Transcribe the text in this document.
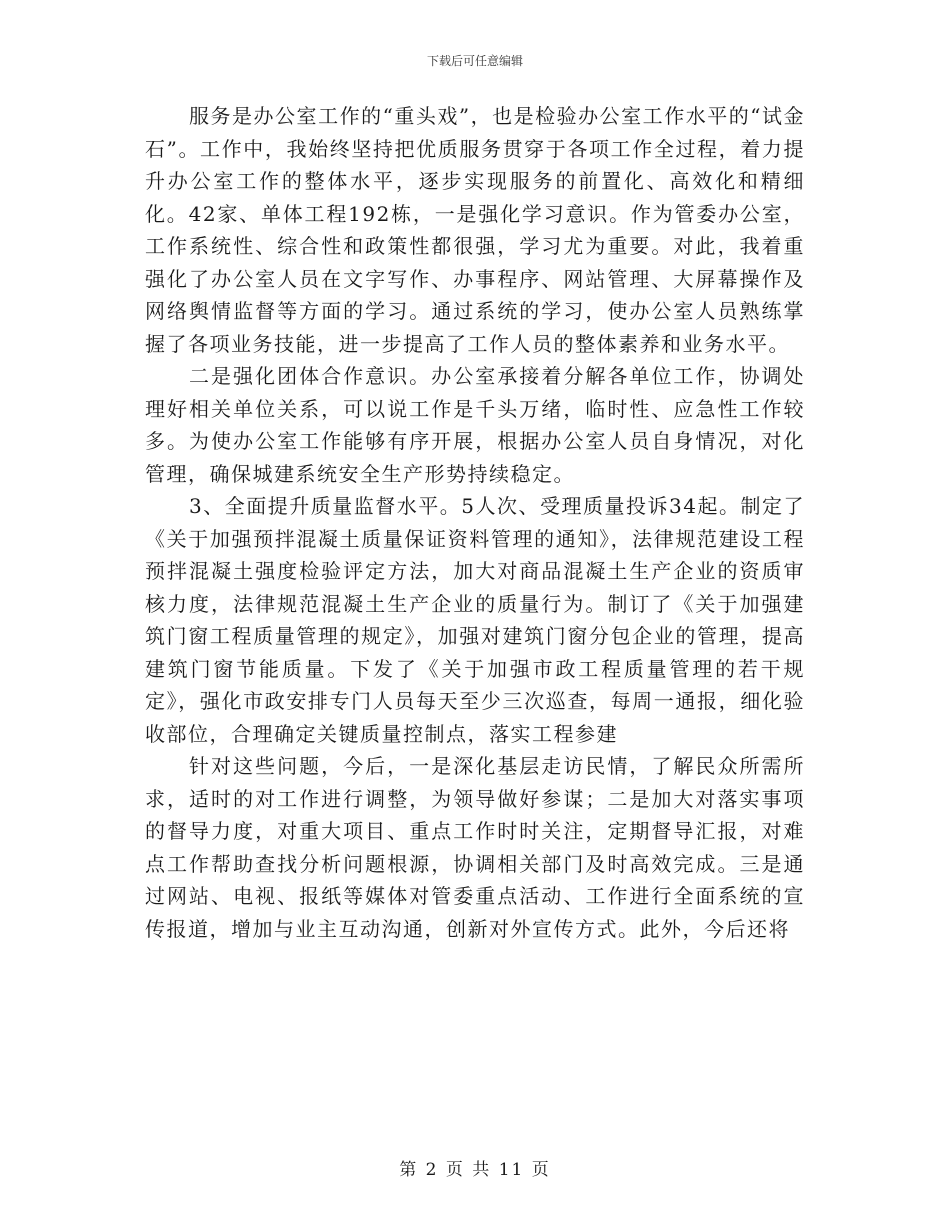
下载后可任意编辑

服务是办公室工作的“重头戏”，也是检验办公室工作水平的“试金石”。工作中，我始终坚持把优质服务贯穿于各项工作全过程，着力提升办公室工作的整体水平，逐步实现服务的前置化、高效化和精细化。42家、单体工程192栋，一是强化学习意识。作为管委办公室，工作系统性、综合性和政策性都很强，学习尤为重要。对此，我着重强化了办公室人员在文字写作、办事程序、网站管理、大屏幕操作及网络舆情监督等方面的学习。通过系统的学习，使办公室人员熟练掌握了各项业务技能，进一步提高了工作人员的整体素养和业务水平。

二是强化团体合作意识。办公室承接着分解各单位工作，协调处理好相关单位关系，可以说工作是千头万绪，临时性、应急性工作较多。为使办公室工作能够有序开展，根据办公室人员自身情况，对化管理，确保城建系统安全生产形势持续稳定。

3、全面提升质量监督水平。5人次、受理质量投诉34起。制定了《关于加强预拌混凝土质量保证资料管理的通知》，法律规范建设工程预拌混凝土强度检验评定方法，加大对商品混凝土生产企业的资质审核力度，法律规范混凝土生产企业的质量行为。制订了《关于加强建筑门窗工程质量管理的规定》，加强对建筑门窗分包企业的管理，提高建筑门窗节能质量。下发了《关于加强市政工程质量管理的若干规定》，强化市政安排专门人员每天至少三次巡查，每周一通报，细化验收部位，合理确定关键质量控制点，落实工程参建

针对这些问题，今后，一是深化基层走访民情，了解民众所需所求，适时的对工作进行调整，为领导做好参谋；二是加大对落实事项的督导力度，对重大项目、重点工作时时关注，定期督导汇报，对难点工作帮助查找分析问题根源，协调相关部门及时高效完成。三是通过网站、电视、报纸等媒体对管委重点活动、工作进行全面系统的宣传报道，增加与业主互动沟通，创新对外宣传方式。此外，今后还将

第 2 页 共 11 页
